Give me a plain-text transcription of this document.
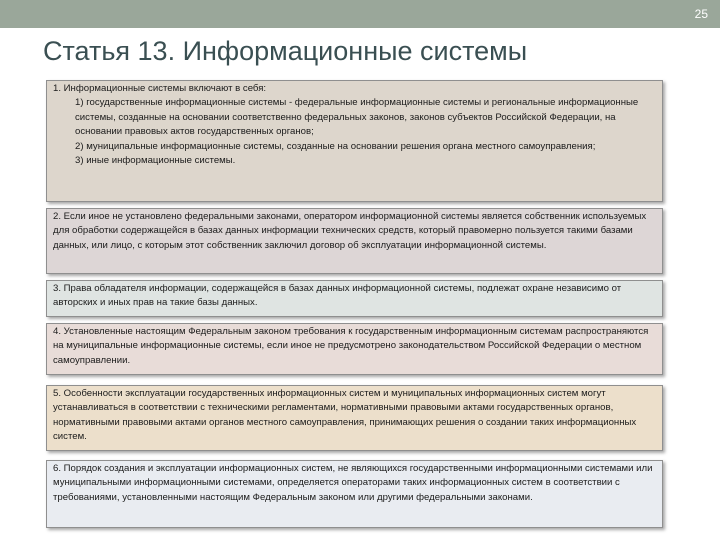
25
Статья 13. Информационные системы

1. Информационные системы включают в себя:

1) государственные информационные системы - федеральные информационные системы и региональные информационные системы, созданные на основании соответственно федеральных законов, законов субъектов Российской Федерации, на основании правовых актов государственных органов;

2) муниципальные информационные системы, созданные на основании решения органа местного самоуправления;

3) иные информационные системы.

2. Если иное не установлено федеральными законами, оператором информационной системы является собственник используемых для обработки содержащейся в базах данных информации технических средств, который правомерно пользуется такими базами данных, или лицо, с которым этот собственник заключил договор об эксплуатации информационной системы.

3. Права обладателя информации, содержащейся в базах данных информационной системы, подлежат охране независимо от авторских и иных прав на такие базы данных.

4. Установленные настоящим Федеральным законом требования к государственным информационным системам распространяются на муниципальные информационные системы, если иное не предусмотрено законодательством Российской Федерации о местном самоуправлении.

5. Особенности эксплуатации государственных информационных систем и муниципальных информационных систем могут устанавливаться в соответствии с техническими регламентами, нормативными правовыми актами государственных органов, нормативными правовыми актами органов местного самоуправления, принимающих решения о создании таких информационных систем.

6. Порядок создания и эксплуатации информационных систем, не являющихся государственными информационными системами или муниципальными информационными системами, определяется операторами таких информационных систем в соответствии с требованиями, установленными настоящим Федеральным законом или другими федеральными законами.
